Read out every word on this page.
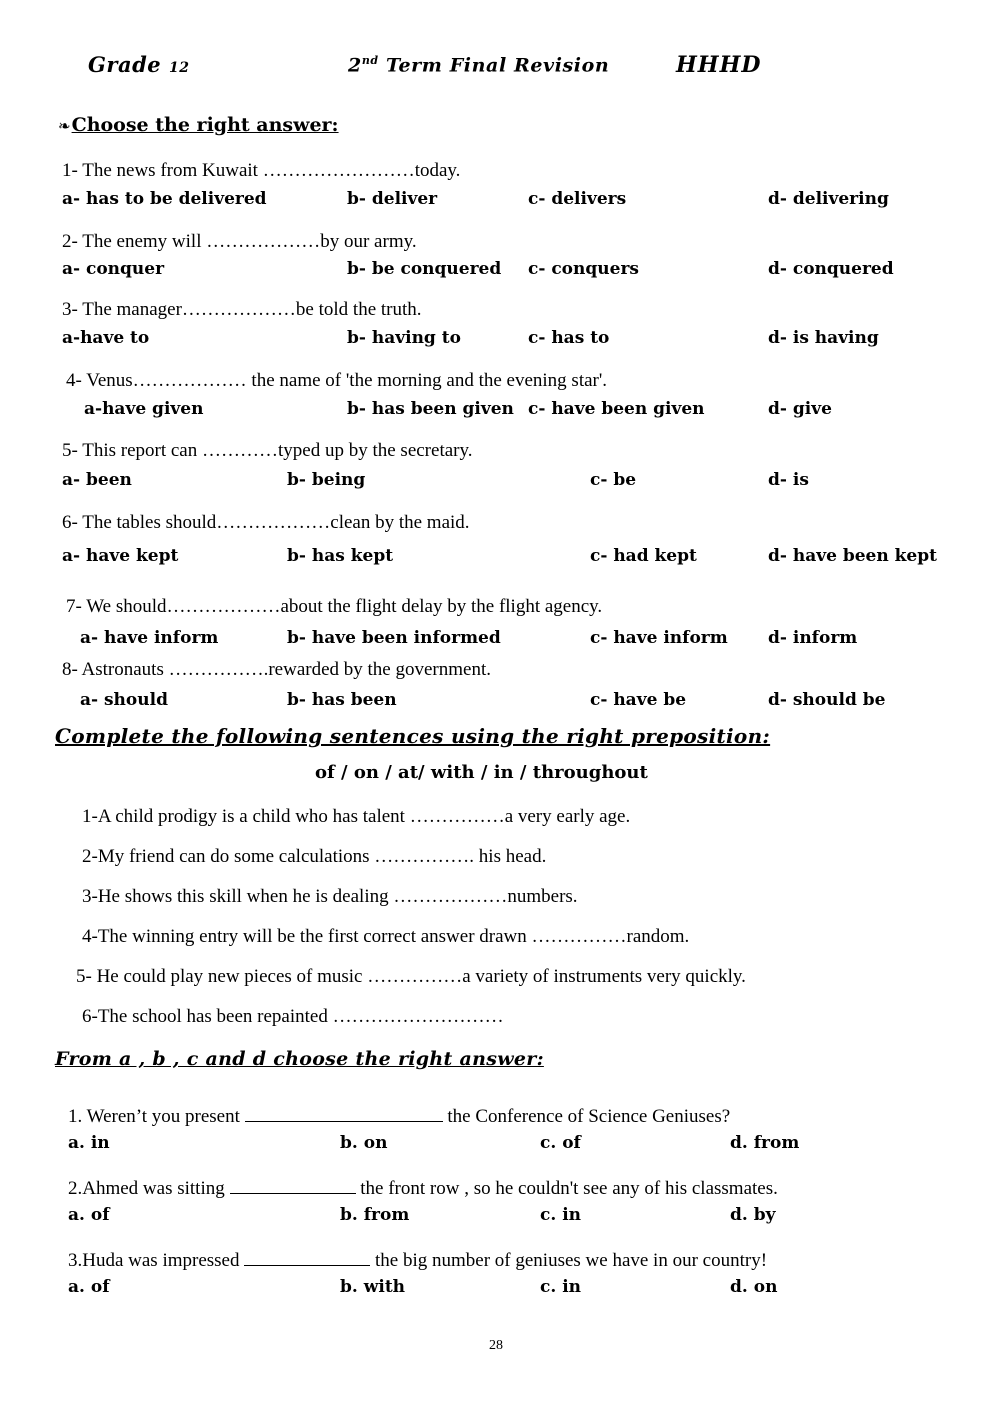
Grade 12	2nd Term Final Revision	HHHD
❧Choose the right answer:
1- The news from Kuwait ……………………today.
a- has to be delivered	b- deliver	c- delivers	d- delivering
2- The enemy will ………………by our army.
a- conquer	b- be conquered c- conquers	d- conquered
3- The manager………………be told the truth.
a-have to	b- having to	c- has to	d- is having
4- Venus……………… the name of 'the morning and the evening star'.
a-have given	b- has been given c- have been given	d- give
5- This report can …………typed up by the secretary.
a- been	b- being	c- be	d- is
6- The tables should………………clean by the maid.
a- have kept	b- has kept	c- had kept	d- have been kept
7- We should………………about the flight delay by the flight agency.
a- have inform	b- have been informed	c- have inform d- inform
8- Astronauts …………….rewarded by the government.
a- should	b- has been	c- have be	d- should be
Complete the following sentences using the right preposition:
of / on / at/ with / in / throughout
1-A child prodigy is a child who has talent ……………a very early age.
2-My friend can do some calculations ……………. his head.
3-He shows this skill when he is dealing ………………numbers.
4-The winning entry will be the first correct answer drawn ……………random.
5- He could play new pieces of music ……………a variety of instruments very quickly.
6-The school has been repainted ………………………
From a , b , c and d choose the right answer:
1. Weren’t you present	the Conference of Science Geniuses?
a. in	b. on	c. of	d. from
2.Ahmed was sitting	the front row , so he couldn't see any of his classmates.
a. of	b. from	c. in	d. by
3.Huda was impressed	the big number of geniuses we have in our country!
a. of	b. with	c. in	d. on
28
